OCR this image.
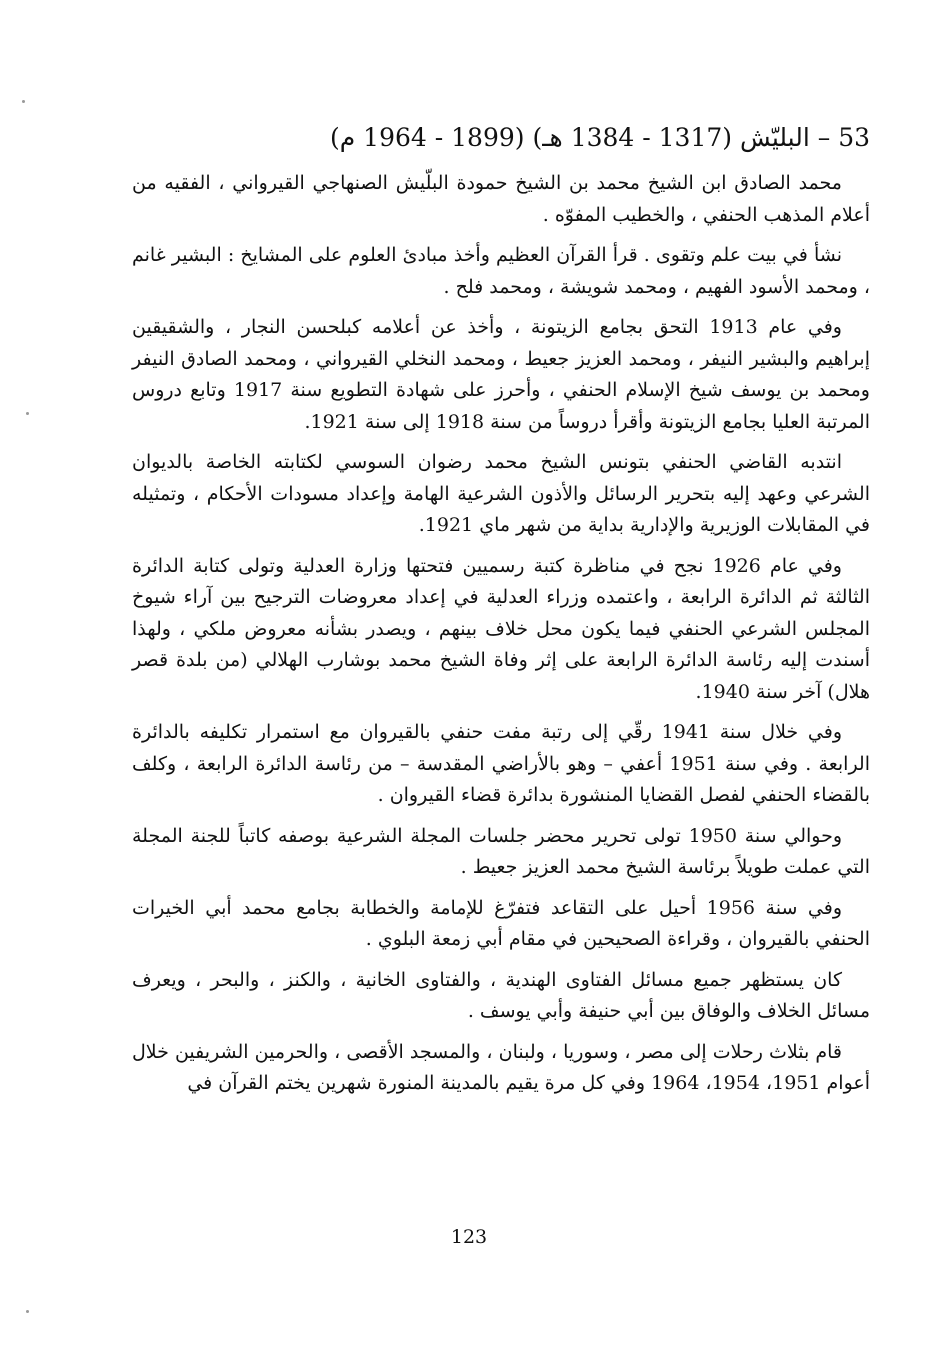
53 – البليّش (1317 - 1384 هـ) (1899 - 1964 م)

محمد الصادق ابن الشيخ محمد بن الشيخ حمودة البلّيش الصنهاجي القيرواني ، الفقيه من أعلام المذهب الحنفي ، والخطيب المفوّه .

نشأ في بيت علم وتقوى . قرأ القرآن العظيم وأخذ مبادئ العلوم على المشايخ : البشير غانم ، ومحمد الأسود الفهيم ، ومحمد شويشة ، ومحمد فلح .

وفي عام 1913 التحق بجامع الزيتونة ، وأخذ عن أعلامه كبلحسن النجار ، والشقيقين إبراهيم والبشير النيفر ، ومحمد العزيز جعيط ، ومحمد النخلي القيرواني ، ومحمد الصادق النيفر ومحمد بن يوسف شيخ الإسلام الحنفي ، وأحرز على شهادة التطويع سنة 1917 وتابع دروس المرتبة العليا بجامع الزيتونة وأقرأ دروساً من سنة 1918 إلى سنة 1921.

انتدبه القاضي الحنفي بتونس الشيخ محمد رضوان السوسي لكتابته الخاصة بالديوان الشرعي وعهد إليه بتحرير الرسائل والأذون الشرعية الهامة وإعداد مسودات الأحكام ، وتمثيله في المقابلات الوزيرية والإدارية بداية من شهر ماي 1921.

وفي عام 1926 نجح في مناظرة كتبة رسميين فتحتها وزارة العدلية وتولى كتابة الدائرة الثالثة ثم الدائرة الرابعة ، واعتمده وزراء العدلية في إعداد معروضات الترجيح بين آراء شيوخ المجلس الشرعي الحنفي فيما يكون محل خلاف بينهم ، ويصدر بشأنه معروض ملكي ، ولهذا أسندت إليه رئاسة الدائرة الرابعة على إثر وفاة الشيخ محمد بوشارب الهلالي (من بلدة قصر هلال) آخر سنة 1940.

وفي خلال سنة 1941 رقّي إلى رتبة مفت حنفي بالقيروان مع استمرار تكليفه بالدائرة الرابعة . وفي سنة 1951 أعفي – وهو بالأراضي المقدسة – من رئاسة الدائرة الرابعة ، وكلف بالقضاء الحنفي لفصل القضايا المنشورة بدائرة قضاء القيروان .

وحوالي سنة 1950 تولى تحرير محضر جلسات المجلة الشرعية بوصفه كاتباً للجنة المجلة التي عملت طويلاً برئاسة الشيخ محمد العزيز جعيط .

وفي سنة 1956 أحيل على التقاعد فتفرّغ للإمامة والخطابة بجامع محمد أبي الخيرات الحنفي بالقيروان ، وقراءة الصحيحين في مقام أبي زمعة البلوي .

كان يستظهر جميع مسائل الفتاوى الهندية ، والفتاوى الخانية ، والكنز ، والبحر ، ويعرف مسائل الخلاف والوفاق بين أبي حنيفة وأبي يوسف .

قام بثلاث رحلات إلى مصر ، وسوريا ، ولبنان ، والمسجد الأقصى ، والحرمين الشريفين خلال أعوام 1951، 1954، 1964 وفي كل مرة يقيم بالمدينة المنورة شهرين يختم القرآن في

123
